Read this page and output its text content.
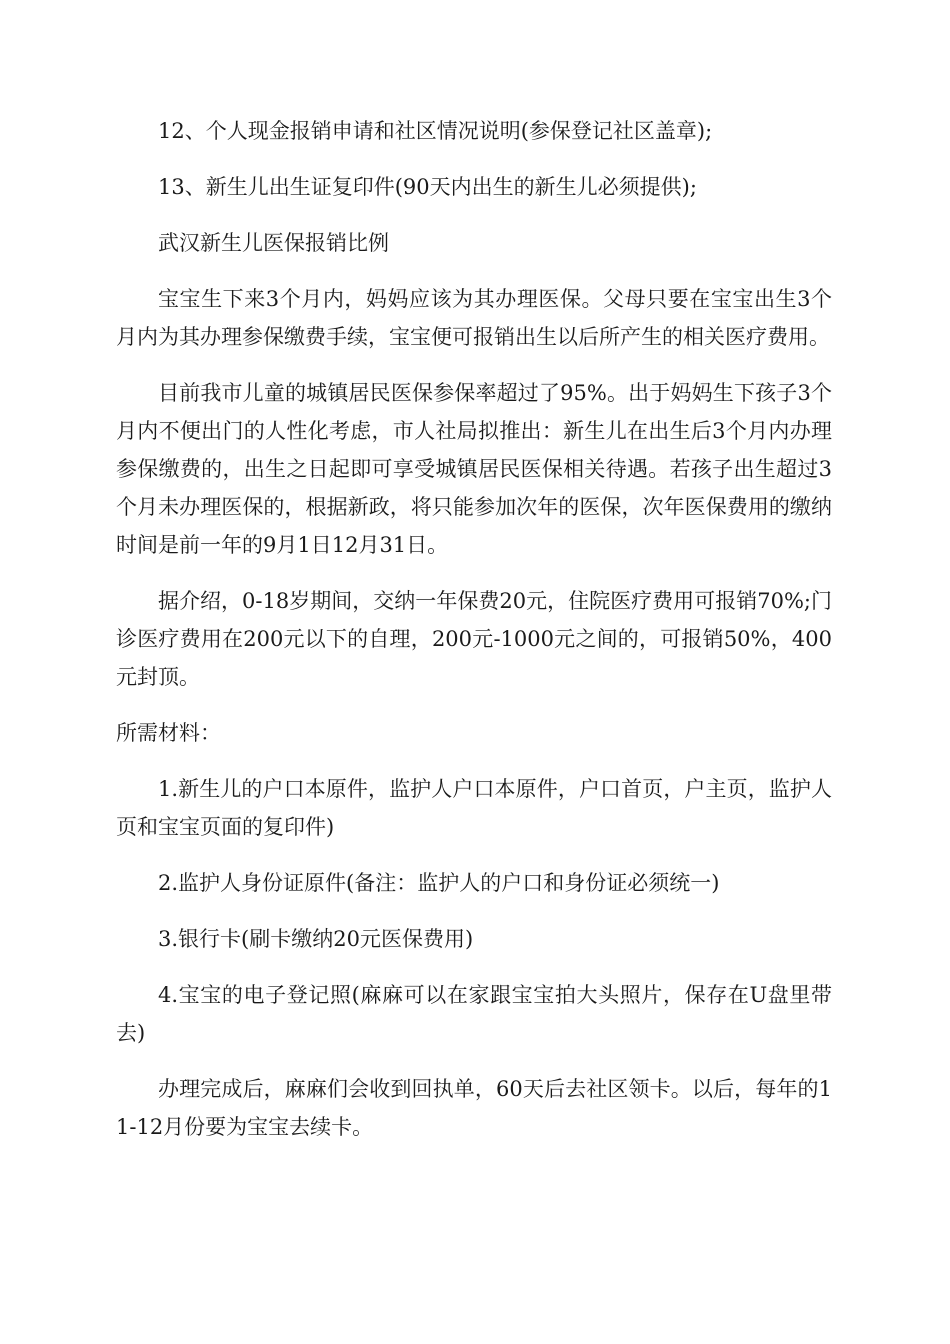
12、个人现金报销申请和社区情况说明(参保登记社区盖章);

13、新生儿出生证复印件(90天内出生的新生儿必须提供);

武汉新生儿医保报销比例

宝宝生下来3个月内，妈妈应该为其办理医保。父母只要在宝宝出生3个月内为其办理参保缴费手续，宝宝便可报销出生以后所产生的相关医疗费用。

目前我市儿童的城镇居民医保参保率超过了95%。出于妈妈生下孩子3个月内不便出门的人性化考虑，市人社局拟推出：新生儿在出生后3个月内办理参保缴费的，出生之日起即可享受城镇居民医保相关待遇。若孩子出生超过3个月未办理医保的，根据新政，将只能参加次年的医保，次年医保费用的缴纳时间是前一年的9月1日12月31日。

据介绍，0-18岁期间，交纳一年保费20元，住院医疗费用可报销70%;门诊医疗费用在200元以下的自理，200元-1000元之间的，可报销50%，400元封顶。

所需材料：

1.新生儿的户口本原件，监护人户口本原件，户口首页，户主页，监护人页和宝宝页面的复印件)

2.监护人身份证原件(备注：监护人的户口和身份证必须统一)

3.银行卡(刷卡缴纳20元医保费用)

4.宝宝的电子登记照(麻麻可以在家跟宝宝拍大头照片，保存在U盘里带去)

办理完成后，麻麻们会收到回执单，60天后去社区领卡。以后，每年的11-12月份要为宝宝去续卡。
